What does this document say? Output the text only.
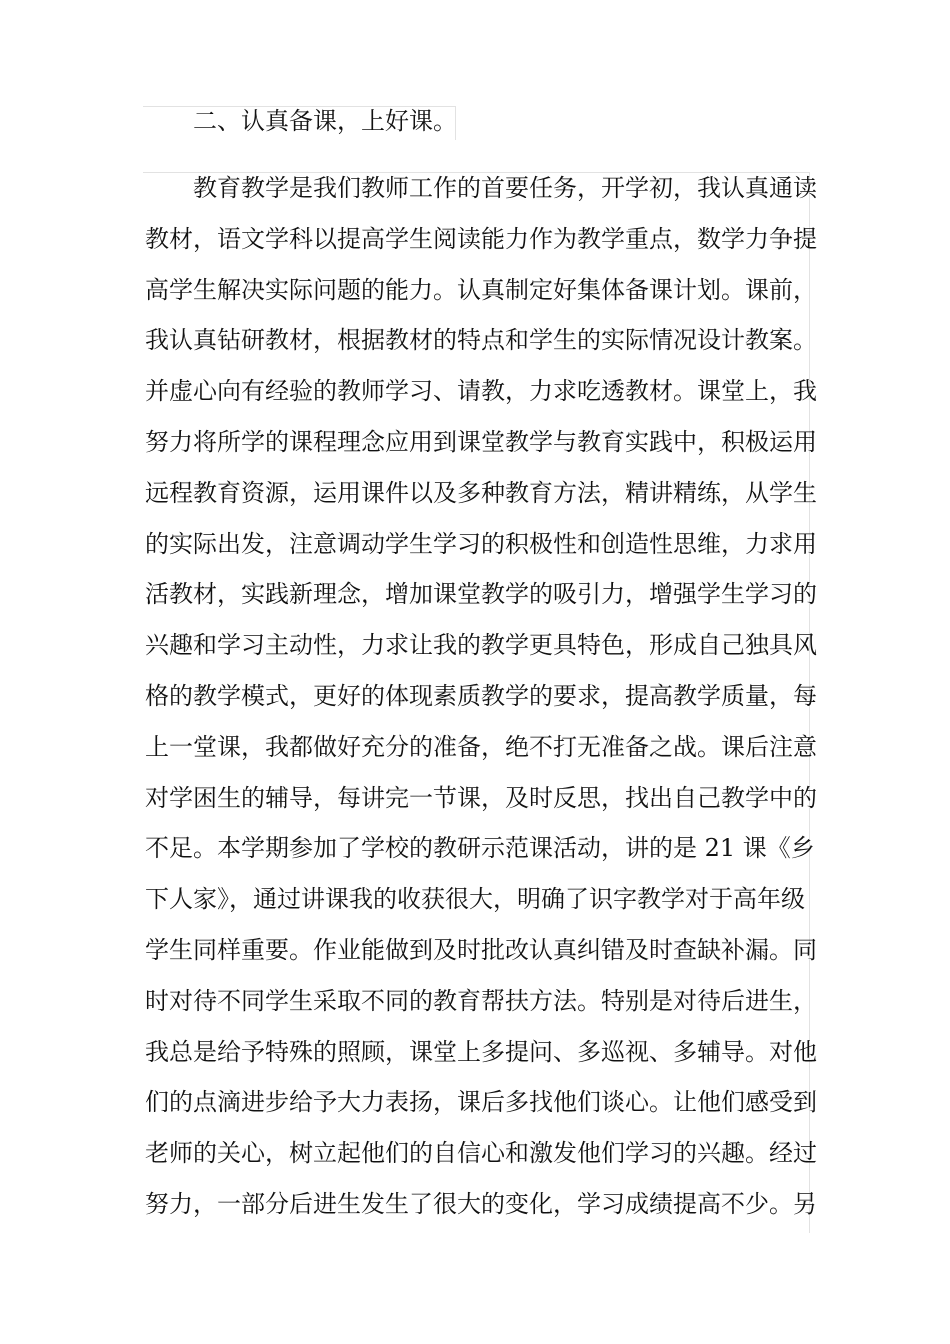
二、认真备课，上好课。
教育教学是我们教师工作的首要任务，开学初，我认真通读
教材，语文学科以提高学生阅读能力作为教学重点，数学力争提
高学生解决实际问题的能力。认真制定好集体备课计划。课前，
我认真钻研教材，根据教材的特点和学生的实际情况设计教案。
并虚心向有经验的教师学习、请教，力求吃透教材。课堂上，我
努力将所学的课程理念应用到课堂教学与教育实践中，积极运用
远程教育资源，运用课件以及多种教育方法，精讲精练，从学生
的实际出发，注意调动学生学习的积极性和创造性思维，力求用
活教材，实践新理念，增加课堂教学的吸引力，增强学生学习的
兴趣和学习主动性，力求让我的教学更具特色，形成自己独具风
格的教学模式，更好的体现素质教学的要求，提高教学质量，每
上一堂课，我都做好充分的准备，绝不打无准备之战。课后注意
对学困生的辅导，每讲完一节课，及时反思，找出自己教学中的
不足。本学期参加了学校的教研示范课活动，讲的是 21 课《乡
下人家》，通过讲课我的收获很大，明确了识字教学对于高年级
学生同样重要。作业能做到及时批改认真纠错及时查缺补漏。同
时对待不同学生采取不同的教育帮扶方法。特别是对待后进生，
我总是给予特殊的照顾，课堂上多提问、多巡视、多辅导。对他
们的点滴进步给予大力表扬，课后多找他们谈心。让他们感受到
老师的关心，树立起他们的自信心和激发他们学习的兴趣。经过
努力，一部分后进生发生了很大的变化，学习成绩提高不少。另
